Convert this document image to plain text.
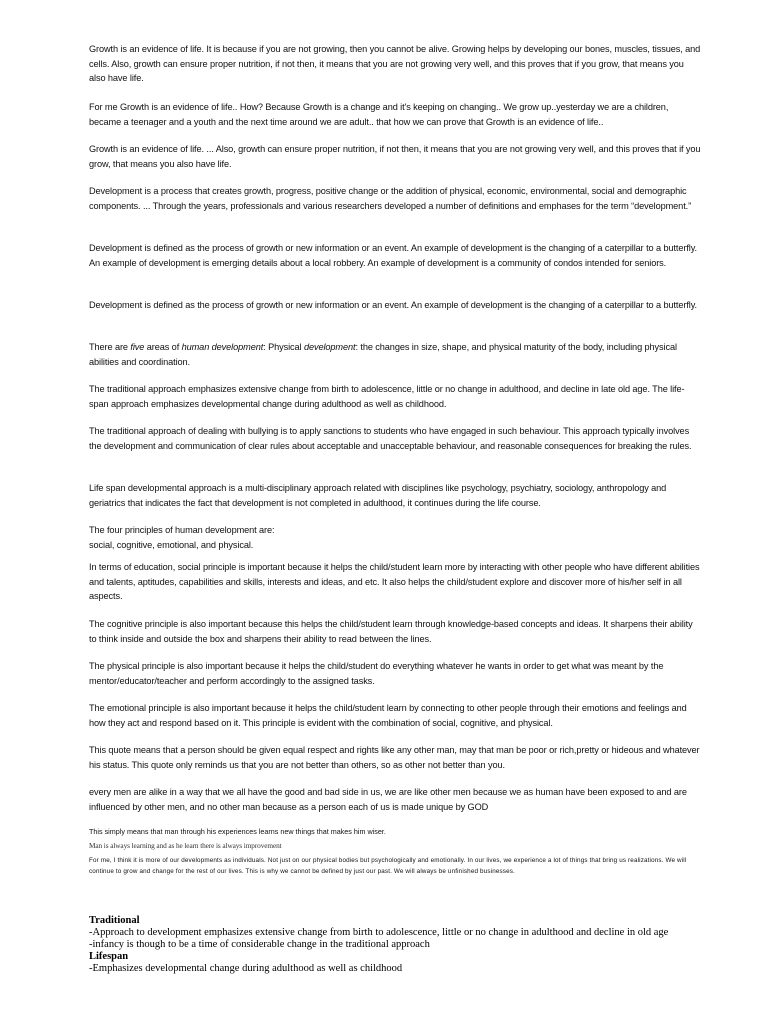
Growth is an evidence of life. It is because if you are not growing, then you cannot be alive. Growing helps by developing our bones, muscles, tissues, and cells. Also, growth can ensure proper nutrition, if not then, it means that you are not growing very well, and this proves that if you grow, that means you also have life.

For me Growth is an evidence of life.. How? Because Growth is a change and it's keeping on changing.. We grow up..yesterday we are a children, became a teenager and a youth and the next time around we are adult.. that how we can prove that Growth is an evidence of life..

Growth is an evidence of life. ... Also, growth can ensure proper nutrition, if not then, it means that you are not growing very well, and this proves that if you grow, that means you also have life.

Development is a process that creates growth, progress, positive change or the addition of physical, economic, environmental, social and demographic components. ... Through the years, professionals and various researchers developed a number of definitions and emphases for the term “development.”

Development is defined as the process of growth or new information or an event. An example of development is the changing of a caterpillar to a butterfly. An example of development is emerging details about a local robbery. An example of development is a community of condos intended for seniors.

Development is defined as the process of growth or new information or an event. An example of development is the changing of a caterpillar to a butterfly.

There are five areas of human development: Physical development: the changes in size, shape, and physical maturity of the body, including physical abilities and coordination.

The traditional approach emphasizes extensive change from birth to adolescence, little or no change in adulthood, and decline in late old age. The life-span approach emphasizes developmental change during adulthood as well as childhood.

The traditional approach of dealing with bullying is to apply sanctions to students who have engaged in such behaviour. This approach typically involves the development and communication of clear rules about acceptable and unacceptable behaviour, and reasonable consequences for breaking the rules.

Life span developmental approach is a multi-disciplinary approach related with disciplines like psychology, psychiatry, sociology, anthropology and geriatrics that indicates the fact that development is not completed in adulthood, it continues during the life course.

The four principles of human development are:
social, cognitive, emotional, and physical.

In terms of education, social principle is important because it helps the child/student learn more by interacting with other people who have different abilities and talents, aptitudes, capabilities and skills, interests and ideas, and etc. It also helps the child/student explore and discover more of his/her self in all aspects.

The cognitive principle is also important because this helps the child/student learn through knowledge-based concepts and ideas. It sharpens their ability to think inside and outside the box and sharpens their ability to read between the lines.

The physical principle is also important because it helps the child/student do everything whatever he wants in order to get what was meant by the mentor/educator/teacher and perform accordingly to the assigned tasks.

The emotional principle is also important because it helps the child/student learn by connecting to other people through their emotions and feelings and how they act and respond based on it. This principle is evident with the combination of social, cognitive, and physical.

This quote means that a person should be given equal respect and rights like any other man, may that man be poor or rich,pretty or hideous and whatever his status. This quote only reminds us that you are not better than others, so as other not better than you.

every men are alike in a way that we all have the good and bad side in us, we are like other men because we as human have been exposed to and are influenced by other men, and no other man because as a person each of us is made unique by GOD

This simply means that man through his experiences learns new things that makes him wiser.

Man is always learning and as he learn there is always improvement

For me, I think it is more of our developments as individuals. Not just on our physical bodies but psychologically and emotionally. In our lives, we experience a lot of things that bring us realizations. We will continue to grow and change for the rest of our lives. This is why we cannot be defined by just our past. We will always be unfinished businesses.

Traditional
-Approach to development emphasizes extensive change from birth to adolescence, little or no change in adulthood and decline in old age
-infancy is though to be a time of considerable change in the traditional approach
Lifespan
-Emphasizes developmental change during adulthood as well as childhood
